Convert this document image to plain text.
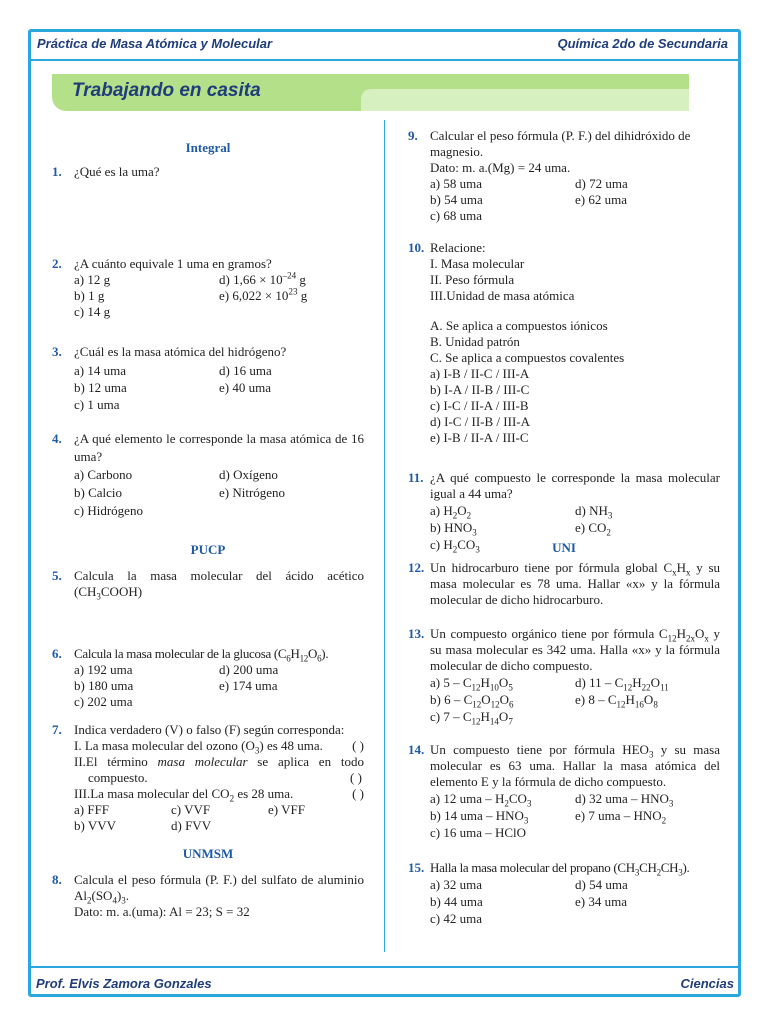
Práctica de Masa Atómica y Molecular	Química 2do de Secundaria
Trabajando en casita
Integral
1. ¿Qué es la uma?
2. ¿A cuánto equivale 1 uma en gramos?
a) 12 g	d) $1,66 \times 10^{-24}$ g
b) 1 g	e) $6,022 \times 10^{23}$ g
c) 14 g
3. ¿Cuál es la masa atómica del hidrógeno?
a) 14 uma	d) 16 uma
b) 12 uma	e) 40 uma
c) 1 uma
4. ¿A qué elemento le corresponde la masa atómica de 16 uma?
a) Carbono	d) Oxígeno
b) Calcio	e) Nitrógeno
c) Hidrógeno
PUCP
5. Calcula la masa molecular del ácido acético $(CH_3COOH)$
6. Calcula la masa molecular de la glucosa $(C_6H_{12}O_6)$.
a) 192 uma	d) 200 uma
b) 180 uma	e) 174 uma
c) 202 uma
7. Indica verdadero (V) o falso (F) según corresponda:
I. La masa molecular del ozono $(O_3)$ es 48 uma. ( )
II.El término masa molecular se aplica en todo compuesto.	( )
III.La masa molecular del $CO_2$ es 28 uma.	( )
a) FFF	c) VVF	e) VFF
b) VVV	d) FVV
UNMSM
8. Calcula el peso fórmula (P. F.) del sulfato de aluminio $Al_2(SO_4)_3$.
Dato: m. a.(uma): Al = 23; S = 32
9. Calcular el peso fórmula (P. F.) del dihidróxido de magnesio.
Dato: m. a.(Mg) = 24 uma.
a) 58 uma	d) 72 uma
b) 54 uma	e) 62 uma
c) 68 uma
10. Relacione:
I. Masa molecular
II. Peso fórmula
III.Unidad de masa atómica
A. Se aplica a compuestos iónicos
B. Unidad patrón
C. Se aplica a compuestos covalentes
a) I-B / II-C / III-A
b) I-A / II-B / III-C
c) I-C / II-A / III-B
d) I-C / II-B / III-A
e) I-B / II-A / III-C
11. ¿A qué compuesto le corresponde la masa molecular igual a 44 uma?
a) $H_2O_2$	d) $NH_3$
b) $HNO_3$	e) $CO_2$
c) $H_2CO_3$	UNI
12. Un hidrocarburo tiene por fórmula global $C_xH_x$ y su masa molecular es 78 uma. Hallar «x» y la fórmula molecular de dicho hidrocarburo.
13. Un compuesto orgánico tiene por fórmula $C_{12}H_{2x}O_x$ y su masa molecular es 342 uma. Halla «x» y la fórmula molecular de dicho compuesto.
a) $5 - C_{12}H_{10}O_5$	d) $11 - C_{12}H_{22}O_{11}$
b) $6 - C_{12}O_{12}O_6$	e) $8 - C_{12}H_{16}O_8$
c) $7 - C_{12}H_{14}O_7$
14. Un compuesto tiene por fórmula $HEO_3$ y su masa molecular es 63 uma. Hallar la masa atómica del elemento E y la fórmula de dicho compuesto.
a) 12 uma – $H_2CO_3$	d) 32 uma – $HNO_3$
b) 14 uma – $HNO_3$	e) 7 uma – $HNO_2$
c) 16 uma – HClO
15. Halla la masa molecular del propano $(CH_3CH_2CH_3)$.
a) 32 uma	d) 54 uma
b) 44 uma	e) 34 uma
c) 42 uma
Prof. Elvis Zamora Gonzales	Ciencias
